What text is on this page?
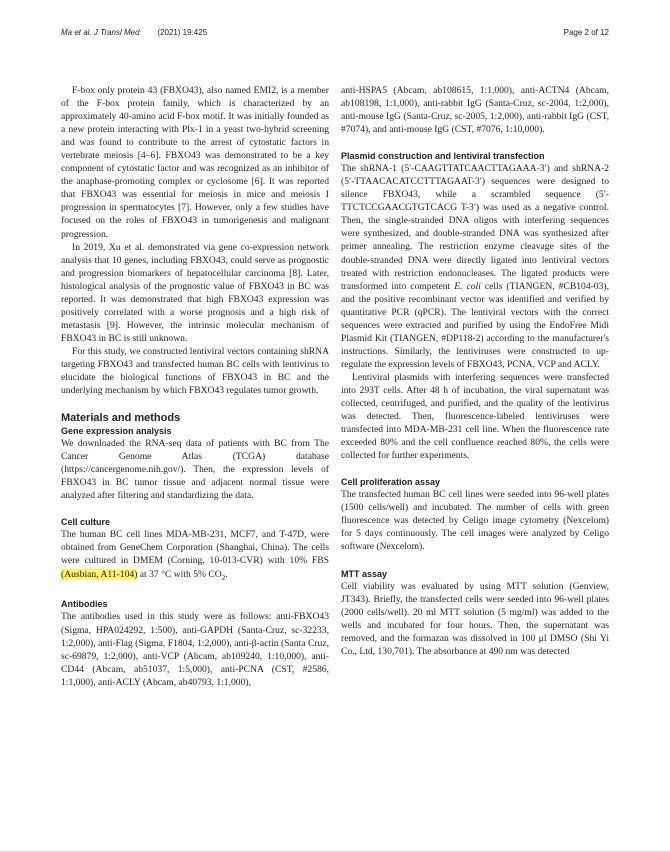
Ma et al. J Transl Med (2021) 19:425	Page 2 of 12

F-box only protein 43 (FBXO43), also named EMI2, is a member of the F-box protein family, which is characterized by an approximately 40-amino acid F-box motif. It was initially founded as a new protein interacting with Plx-1 in a yeast two-hybrid screening and was found to contribute to the arrest of cytostatic factors in vertebrate meiosis [4–6]. FBXO43 was demonstrated to be a key component of cytostatic factor and was recognized as an inhibitor of the anaphase-promoting complex or cyclosome [6]. It was reported that FBXO43 was essential for meiosis in mice and meiosis I progression in spermatocytes [7]. However, only a few studies have focused on the roles of FBXO43 in tumorigenesis and malignant progression.

In 2019, Xu et al. demonstrated via gene co-expression network analysis that 10 genes, including FBXO43, could serve as prognostic and progression biomarkers of hepatocellular carcinoma [8]. Later, histological analysis of the prognostic value of FBXO43 in BC was reported. It was demonstrated that high FBXO43 expression was positively correlated with a worse prognosis and a high risk of metastasis [9]. However, the intrinsic molecular mechanism of FBXO43 in BC is still unknown.

For this study, we constructed lentiviral vectors containing shRNA targeting FBXO43 and transfected human BC cells with lentivirus to elucidate the biological functions of FBXO43 in BC and the underlying mechanism by which FBXO43 regulates tumor growth.

Materials and methods
Gene expression analysis

We downloaded the RNA-seq data of patients with BC from The Cancer Genome Atlas (TCGA) database (https://cancergenome.nih.gov/). Then, the expression levels of FBXO43 in BC tumor tissue and adjacent normal tissue were analyzed after filtering and standardizing the data.

Cell culture

The human BC cell lines MDA-MB-231, MCF7, and T-47D, were obtained from GeneChem Corporation (Shanghai, China). The cells were cultured in DMEM (Corning, 10-013-CVR) with 10% FBS (Ausbian, A11-104) at 37 °C with 5% $CO_2$.

Antibodies

The antibodies used in this study were as follows: anti-FBXO43 (Sigma, HPA024292, 1:500), anti-GAPDH (Santa-Cruz, sc-32233, 1:2,000), anti-Flag (Sigma, F1804, 1:2,000), anti-β-actin (Santa Cruz, sc-69879, 1:2,000), anti-VCP (Abcam, ab109240, 1:10,000), anti-CD44 (Abcam, ab51037, 1:5,000), anti-PCNA (CST, #2586, 1:1,000), anti-ACLY (Abcam, ab40793, 1:1,000),

anti-HSPA5 (Abcam, ab108615, 1:1,000), anti-ACTN4 (Abcam, ab108198, 1:1,000), anti-rabbit IgG (Santa-Cruz, sc-2004, 1:2,000), anti-mouse IgG (Santa-Cruz, sc-2005, 1:2,000), anti-rabbit IgG (CST, #7074), and anti-mouse IgG (CST, #7076, 1:10,000).

Plasmid construction and lentiviral transfection

The shRNA-1 (5′-CAAGTTATCAACTTAGAAA-3′) and shRNA-2 (5′-TTAACACATCCTTTAGAAT-3′) sequences were designed to silence FBXO43, while a scrambled sequence (5′-TTCTCCGAACGTGTCACG T-3′) was used as a negative control. Then, the single-stranded DNA oligos with interfering sequences were synthesized, and double-stranded DNA was synthesized after primer annealing. The restriction enzyme cleavage sites of the double-stranded DNA were directly ligated into lentiviral vectors treated with restriction endonucleases. The ligated products were transformed into competent E. coli cells (TIANGEN, #CB104-03), and the positive recombinant vector was identified and verified by quantitative PCR (qPCR). The lentiviral vectors with the correct sequences were extracted and purified by using the EndoFree Midi Plasmid Kit (TIANGEN, #DP118-2) according to the manufacturer's instructions. Similarly, the lentiviruses were constructed to up-regulate the expression levels of FBXO43, PCNA, VCP and ACLY.

Lentiviral plasmids with interfering sequences were transfected into 293T cells. After 48 h of incubation, the viral supernatant was collected, centrifuged, and purified, and the quality of the lentivirus was detected. Then, fluorescence-labeled lentiviruses were transfected into MDA-MB-231 cell line. When the fluorescence rate exceeded 80% and the cell confluence reached 80%, the cells were collected for further experiments.

Cell proliferation assay

The transfected human BC cell lines were seeded into 96-well plates (1500 cells/well) and incubated. The number of cells with green fluorescence was detected by Celigo image cytometry (Nexcelom) for 5 days continuously. The cell images were analyzed by Celigo software (Nexcelom).

MTT assay

Cell viability was evaluated by using MTT solution (Genview, JT343). Briefly, the transfected cells were seeded into 96-well plates (2000 cells/well). 20 ml MTT solution (5 mg/ml) was added to the wells and incubated for four hours. Then, the supernatant was removed, and the formazan was dissolved in 100 μl DMSO (Shi Yi Co., Ltd, 130,701). The absorbance at 490 nm was detected
